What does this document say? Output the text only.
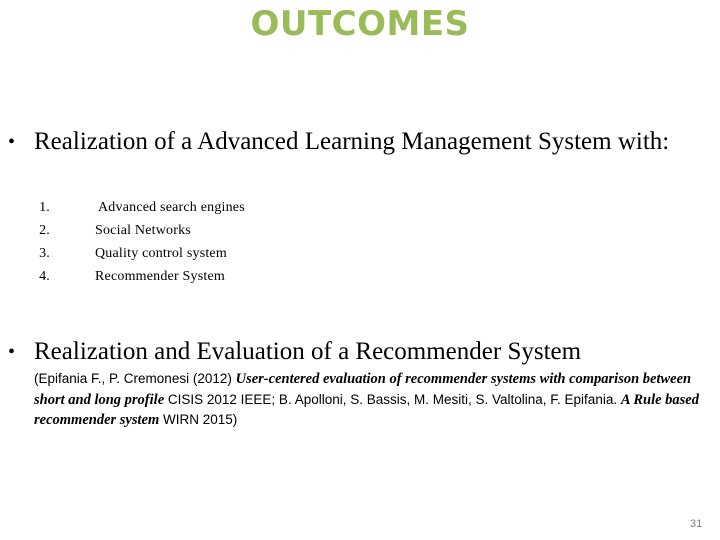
OUTCOMES
• Realization of a Advanced Learning Management System with:
1.	Advanced search engines
2.	Social Networks
3.	Quality control system
4.	Recommender System
• Realization and Evaluation of a Recommender System
(Epifania F., P. Cremonesi (2012) User-centered evaluation of recommender systems with comparison between short and long profile CISIS 2012 IEEE; B. Apolloni, S. Bassis, M. Mesiti, S. Valtolina, F. Epifania. A Rule based recommender system WIRN 2015)
31
